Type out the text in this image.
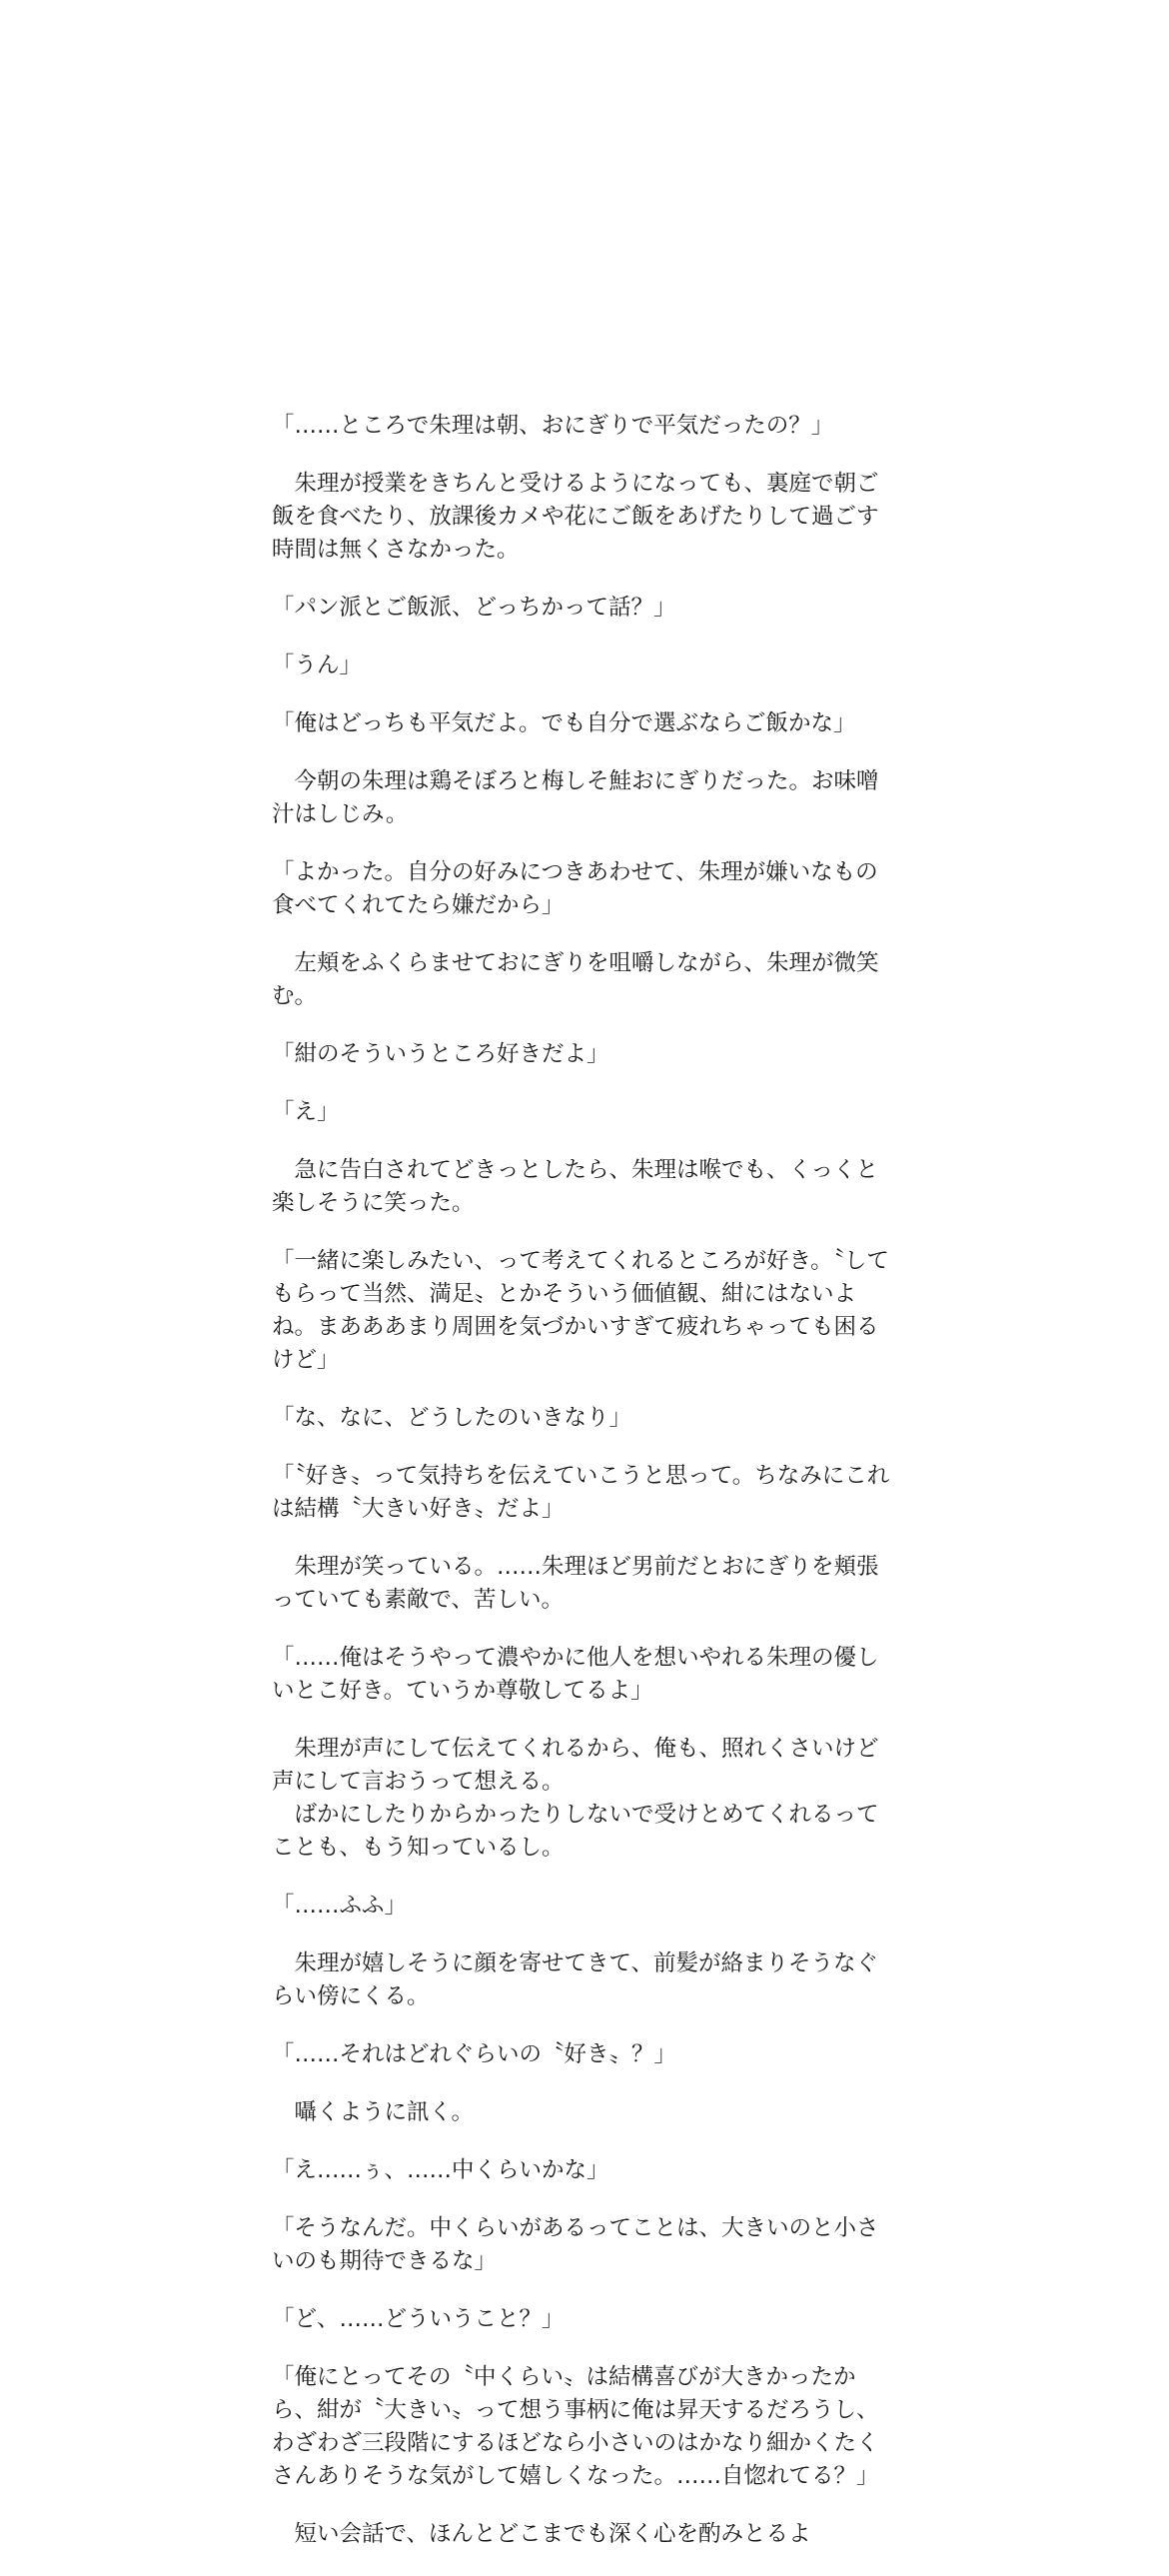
「……ところで朱理は朝、おにぎりで平気だったの？」
朱理が授業をきちんと受けるようになっても、裏庭で朝ご飯を食べたり、放課後カメや花にご飯をあげたりして過ごす時間は無くさなかった。
「パン派とご飯派、どっちかって話？」
「うん」
「俺はどっちも平気だよ。でも自分で選ぶならご飯かな」
今朝の朱理は鶏そぼろと梅しそ鮭おにぎりだった。お味噌汁はしじみ。
「よかった。自分の好みにつきあわせて、朱理が嫌いなもの食べてくれてたら嫌だから」
左頬をふくらませておにぎりを咀嚼しながら、朱理が微笑む。
「紺のそういうところ好きだよ」
「え」
急に告白されてどきっとしたら、朱理は喉でも、くっくと楽しそうに笑った。
「一緒に楽しみたい、って考えてくれるところが好き。〝してもらって当然、満足〟とかそういう価値観、紺にはないよね。まあああまり周囲を気づかいすぎて疲れちゃっても困るけど」
「な、なに、どうしたのいきなり」
「〝好き〟って気持ちを伝えていこうと思って。ちなみにこれは結構〝大きい好き〟だよ」
朱理が笑っている。……朱理ほど男前だとおにぎりを頬張っていても素敵で、苦しい。
「……俺はそうやって濃やかに他人を想いやれる朱理の優しいとこ好き。ていうか尊敬してるよ」
朱理が声にして伝えてくれるから、俺も、照れくさいけど声にして言おうって想える。
ばかにしたりからかったりしないで受けとめてくれるってことも、もう知っているし。
「……ふふ」
朱理が嬉しそうに顔を寄せてきて、前髪が絡まりそうなぐらい傍にくる。
「……それはどれぐらいの〝好き〟？」
囁くように訊く。
「え……ぅ、……中くらいかな」
「そうなんだ。中くらいがあるってことは、大きいのと小さいのも期待できるな」
「ど、……どういうこと？」
「俺にとってその〝中くらい〟は結構喜びが大きかったから、紺が〝大きい〟って想う事柄に俺は昇天するだろうし、わざわざ三段階にするほどなら小さいのはかなり細かくたくさんありそうな気がして嬉しくなった。……自惚れてる？」
短い会話で、ほんとどこまでも深く心を酌みとるよ
